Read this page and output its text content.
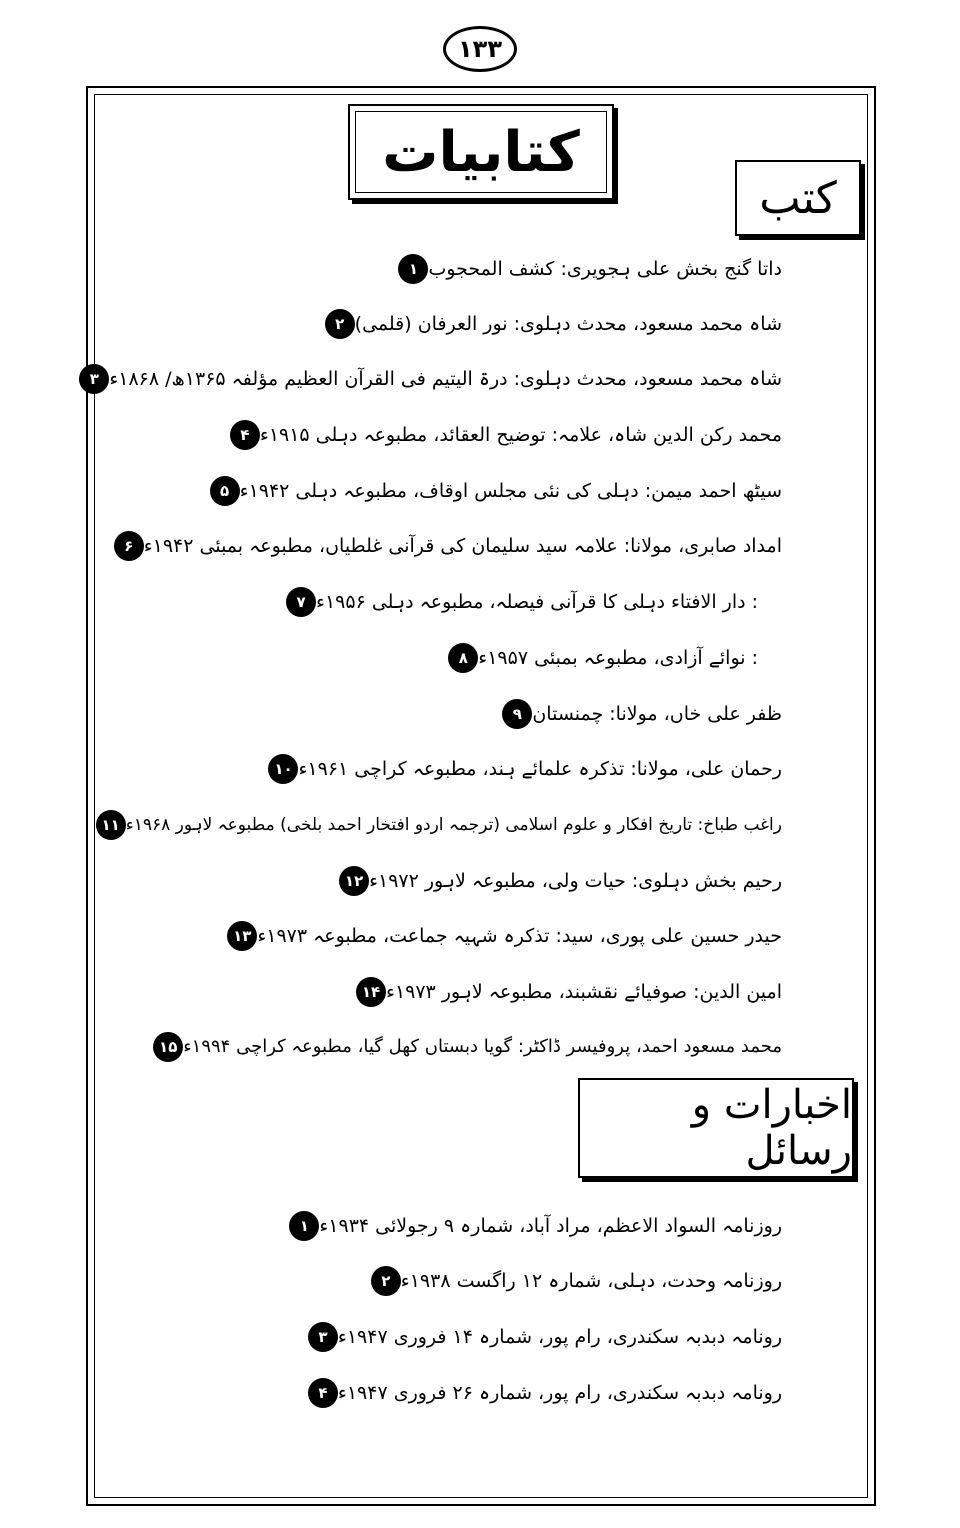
۱۳۳
کتابیات
کتب
۱ داتا گنج بخش علی ہجویری: کشف المحجوب
۲ شاہ محمد مسعود، محدث دہلوی: نور العرفان (قلمی)
۳ شاہ محمد مسعود، محدث دہلوی: درۃ الیتیم فی القرآن العظیم مؤلفہ ۱۳۶۵ھ/ ۱۸۶۸ء
۴ محمد رکن الدین شاہ، علامہ: توضیح العقائد، مطبوعہ دہلی ۱۹۱۵ء
۵ سیٹھ احمد میمن: دہلی کی نئی مجلس اوقاف، مطبوعہ دہلی ۱۹۴۲ء
۶ امداد صابری، مولانا: علامہ سید سلیمان کی قرآنی غلطیاں، مطبوعہ بمبئی ۱۹۴۲ء
۷ : دار الافتاء دہلی کا قرآنی فیصلہ، مطبوعہ دہلی ۱۹۵۶ء
۸ : نوائے آزادی، مطبوعہ بمبئی ۱۹۵۷ء
۹ ظفر علی خاں، مولانا: چمنستان
۱۰ رحمان علی، مولانا: تذکرہ علمائے ہند، مطبوعہ کراچی ۱۹۶۱ء
۱۱ راغب طباخ: تاریخ افکار و علوم اسلامی (ترجمہ اردو افتخار احمد بلخی) مطبوعہ لاہور ۱۹۶۸ء
۱۲ رحیم بخش دہلوی: حیات ولی، مطبوعہ لاہور ۱۹۷۲ء
۱۳ حیدر حسین علی پوری، سید: تذکرہ شہیہ جماعت، مطبوعہ ۱۹۷۳ء
۱۴ امین الدین: صوفیائے نقشبند، مطبوعہ لاہور ۱۹۷۳ء
۱۵ محمد مسعود احمد، پروفیسر ڈاکٹر: گویا دبستاں کھل گیا، مطبوعہ کراچی ۱۹۹۴ء
اخبارات و رسائل
۱ روزنامہ السواد الاعظم، مراد آباد، شمارہ ۹ رجولائی ۱۹۳۴ء
۲ روزنامہ وحدت، دہلی، شمارہ ۱۲ راگست ۱۹۳۸ء
۳ رونامہ دبدبہ سکندری، رام پور، شمارہ ۱۴ فروری ۱۹۴۷ء
۴ رونامہ دبدبہ سکندری، رام پور، شمارہ ۲۶ فروری ۱۹۴۷ء
